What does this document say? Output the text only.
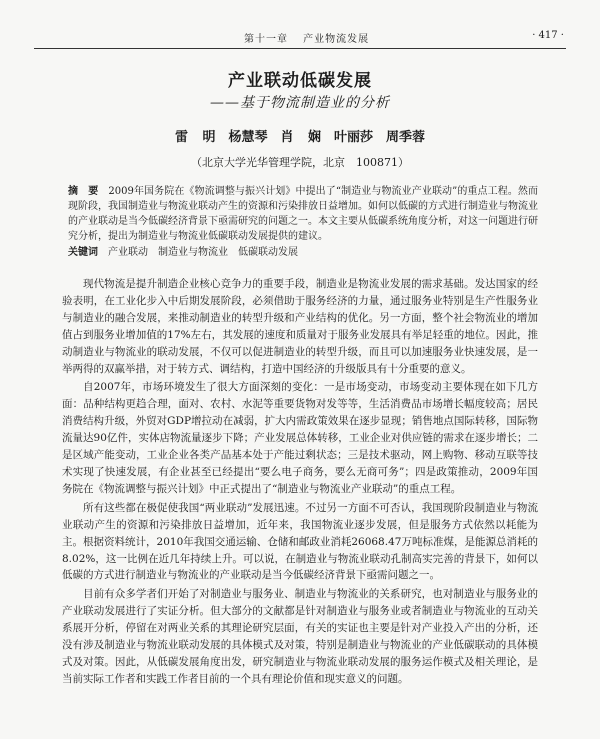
第十一章 　产业物流发展	· 417 ·
产业联动低碳发展
——基于物流制造业的分析
雷 明　杨慧琴　肖 娴　叶丽莎　周季蓉
（北京大学光华管理学院，北京　100871）

摘　要　 2009年国务院在《物流调整与振兴计划》中提出了“制造业与物流业产业联动”的重点工程。然而现阶段，我国制造业与物流业联动产生的资源和污染排放日益增加。如何以低碳的方式进行制造业与物流业的产业联动是当今低碳经济背景下亟需研究的问题之一。本文主要从低碳系统角度分析，对这一问题进行研究分析，提出为制造业与物流业低碳联动发展提供的建议。

关键词　 产业联动　制造业与物流业　低碳联动发展

现代物流是提升制造企业核心竞争力的重要手段，制造业是物流业发展的需求基础。发达国家的经验表明，在工业化步入中后期发展阶段，必须借助于服务经济的力量，通过服务业特别是生产性服务业与制造业的融合发展，来推动制造业的转型升级和产业结构的优化。另一方面，整个社会物流业的增加值占到服务业增加值的17%左右，其发展的速度和质量对于服务业发展具有举足轻重的地位。因此，推动制造业与物流业的联动发展，不仅可以促进制造业的转型升级，而且可以加速服务业快速发展，是一举两得的双赢举措，对于转方式、调结构，打造中国经济的升级版具有十分重要的意义。

自2007年，市场环境发生了很大方面深刻的变化：一是市场变动，市场变动主要体现在如下几方面：品种结构更趋合理，面对、农村、水泥等重要货物对发等等，生活消费品市场增长幅度较高；居民消费结构升级，外贸对GDP增拉动在减弱，扩大内需政策效果在逐步显现；销售地点国际转移，国际物流量达90亿件，实体店物流量逐步下降；产业发展总体转移，工业企业对供应链的需求在逐步增长；二是区域产能变动，工业企业各类产品基本处于产能过剩状态；三是技术驱动，网上购物、移动互联等技术实现了快速发展，有企业甚至已经提出“要么电子商务，要么无商可务”；四是政策推动，2009年国务院在《物流调整与振兴计划》中正式提出了“制造业与物流业产业联动”的重点工程。

所有这些都在极促使我国“两业联动”发展迅速。不过另一方面不可否认，我国现阶段制造业与物流业联动产生的资源和污染排放日益增加，近年来，我国物流业逐步发展，但是服务方式依然以耗能为主。根据资料统计，2010年我国交通运输、仓储和邮政业消耗26068.47万吨标准煤，是能源总消耗的8.02%，这一比例在近几年持续上升。可以说，在制造业与物流业联动孔制高实完善的背景下，如何以低碳的方式进行制造业与物流业的产业联动是当今低碳经济背景下亟需问题之一。

目前有众多学者们开始了对制造业与服务业、制造业与物流业的关系研究，也对制造业与服务业的产业联动发展进行了实证分析。但大部分的文献都是针对制造业与服务业或者制造业与物流业的互动关系展开分析，停留在对两业关系的其理论研究层面，有关的实证也主要是针对产业投入产出的分析，还没有涉及制造业与物流业联动发展的具体模式及对策，特别是制造业与物流业的产业低碳联动的具体模式及对策。因此，从低碳发展角度出发，研究制造业与物流业联动发展的服务运作模式及相关理论，是当前实际工作者和实践工作者目前的一个具有理论价值和现实意义的问题。
